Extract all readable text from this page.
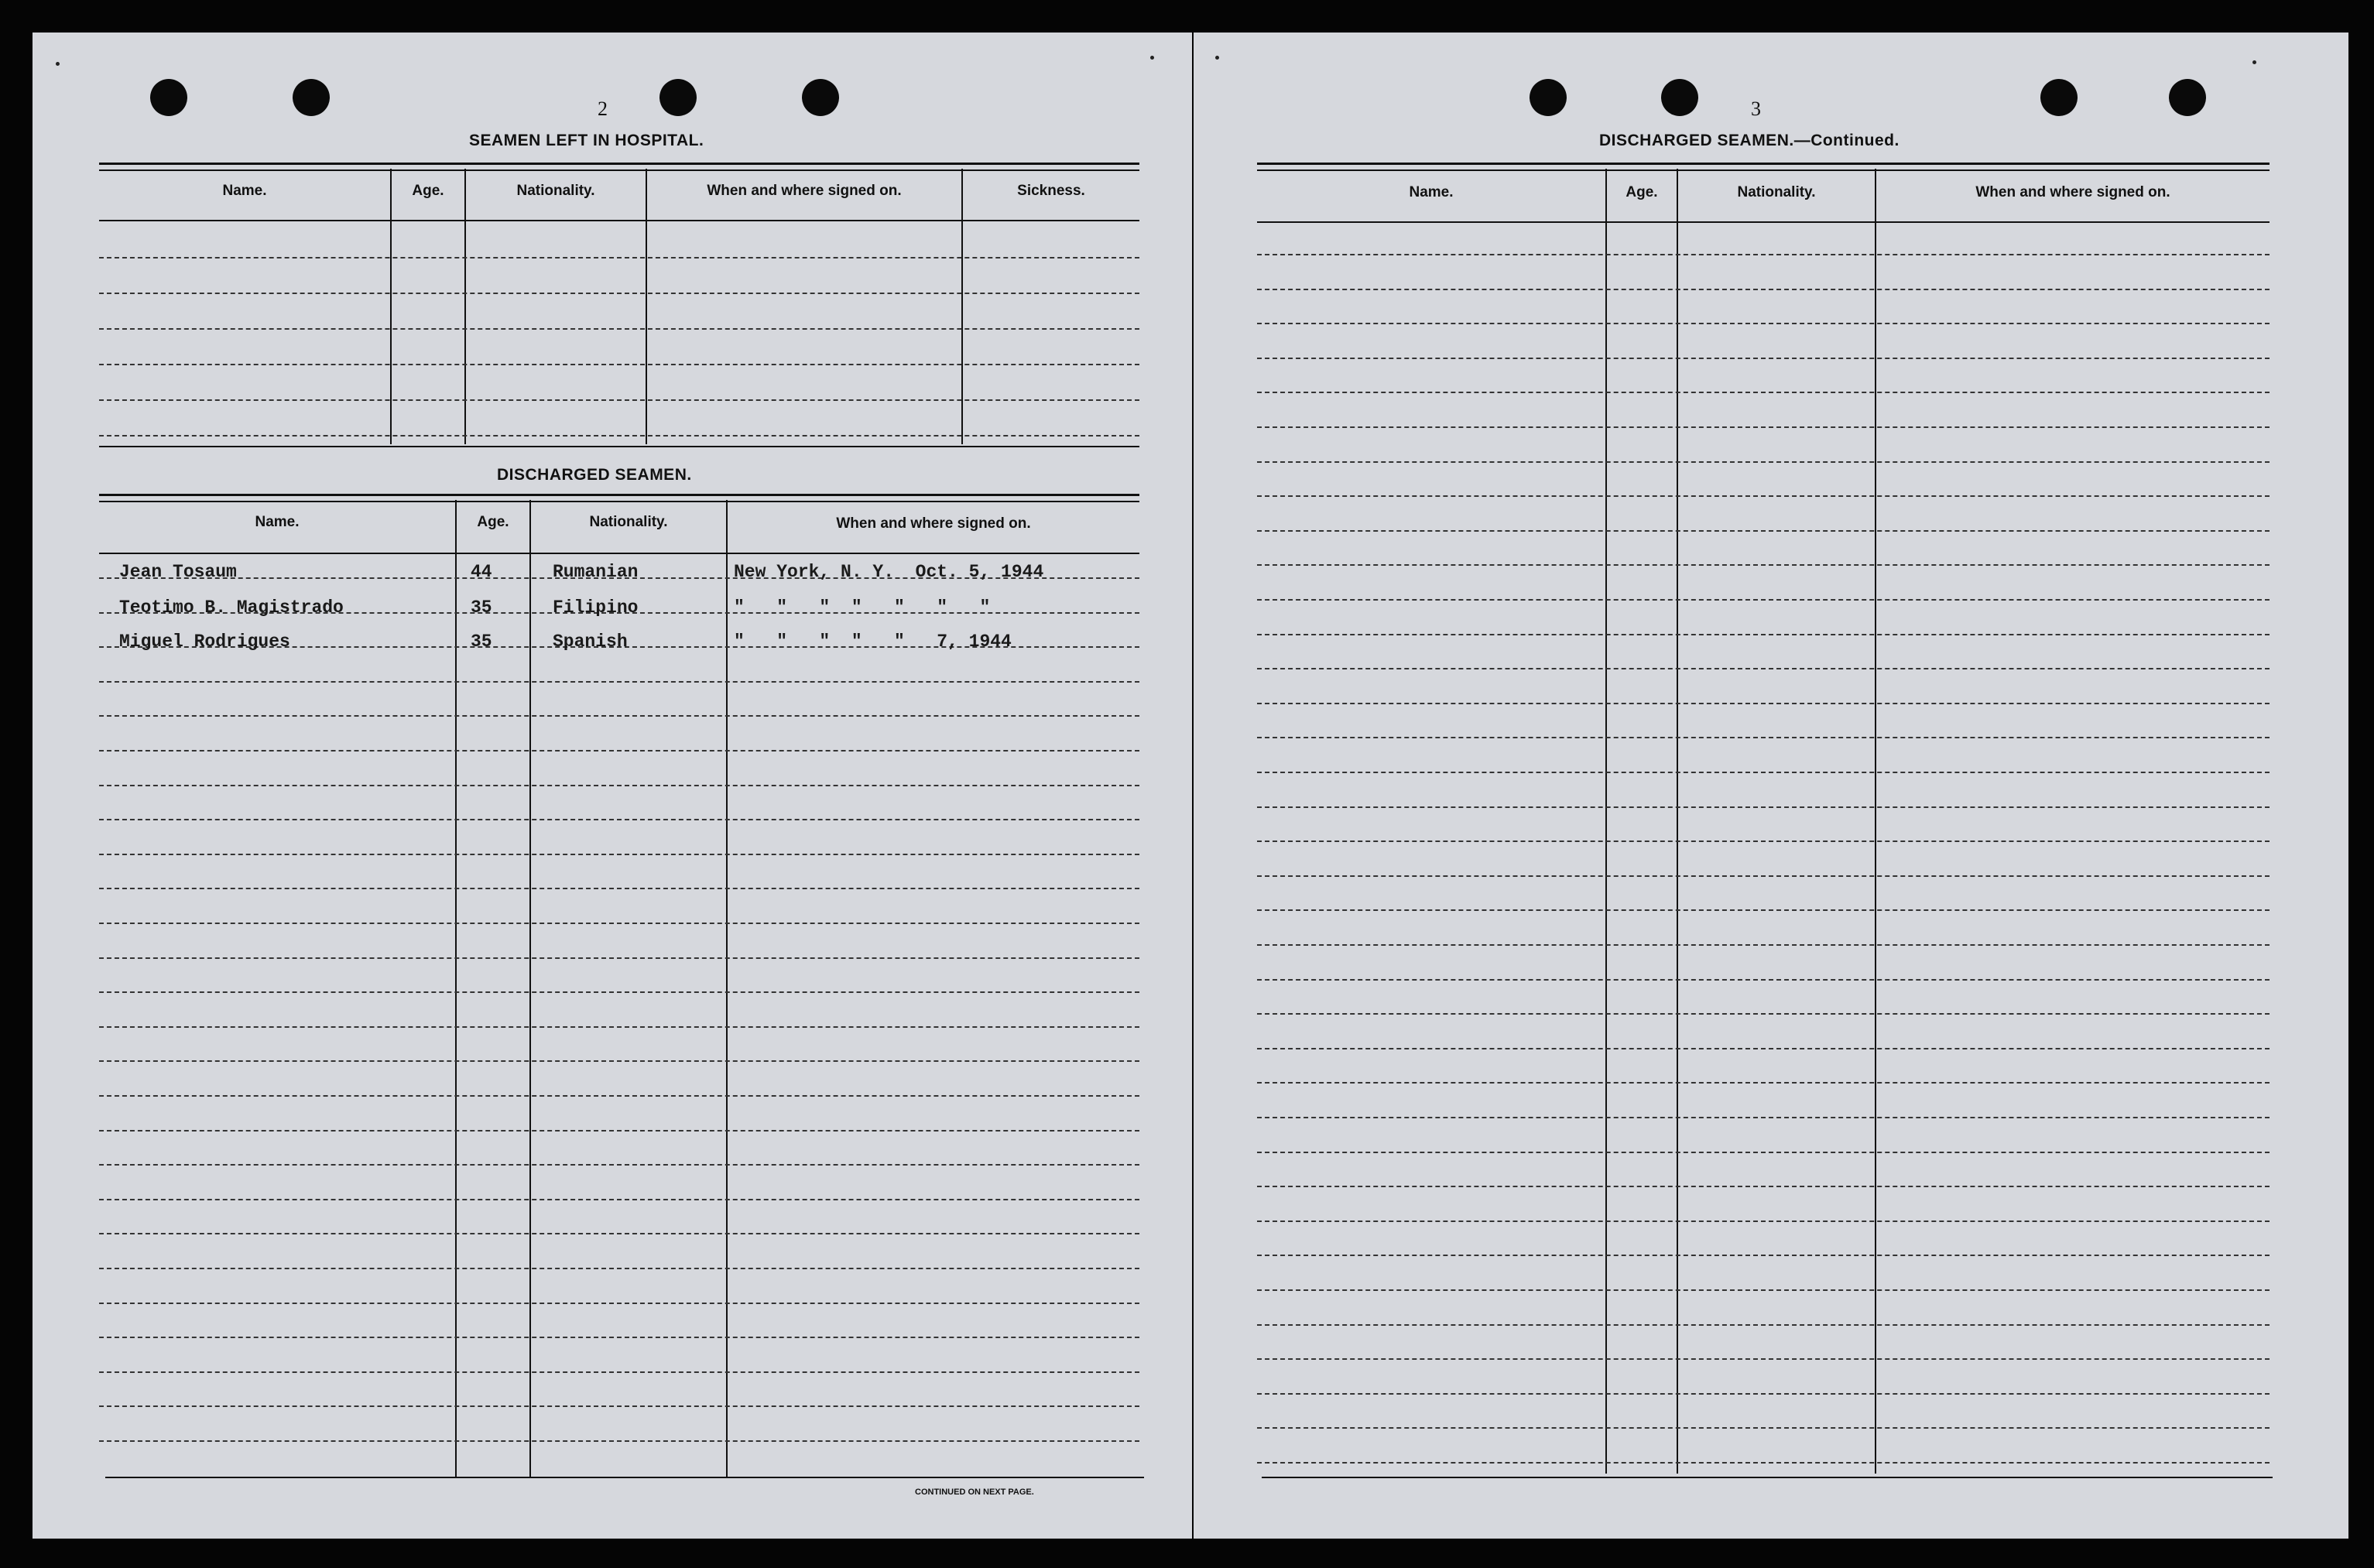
2
SEAMEN LEFT IN HOSPITAL.
Name.	Age.	Nationality.	When and where signed on.	Sickness.
DISCHARGED SEAMEN.
Name.	Age.	Nationality.	When and where signed on.
Jean Tosaum	44	Rumanian	New York, N. Y.  Oct. 5, 1944
Teotimo B. Magistrado	35	Filipino	"   "   "  "   "   "   "
Miguel Rodrigues	35	Spanish	"   "   "  "   "   7, 1944
CONTINUED ON NEXT PAGE.
3
DISCHARGED SEAMEN.—Continued.
Name.	Age.	Nationality.	When and where signed on.
